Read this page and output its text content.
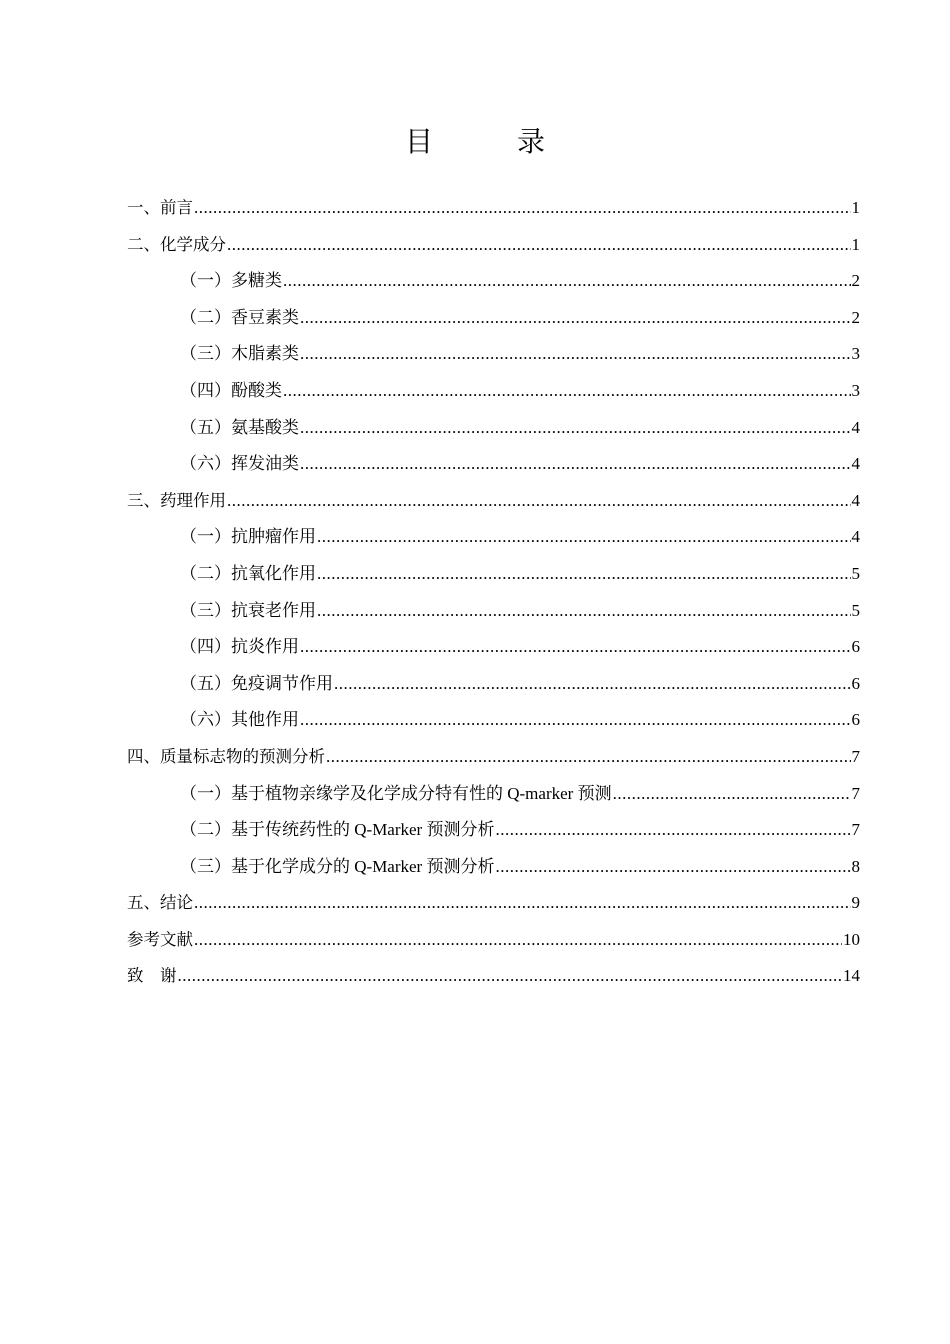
目　录
一、前言 .....	1
二、化学成分 .....	1
（一）多糖类 .....	2
（二）香豆素类 .....	2
（三）木脂素类 .....	3
（四）酚酸类 .....	3
（五）氨基酸类 .....	4
（六）挥发油类 .....	4
三、药理作用 .....	4
（一）抗肿瘤作用 .....	4
（二）抗氧化作用 .....	5
（三）抗衰老作用 .....	5
（四）抗炎作用 .....	6
（五）免疫调节作用 .....	6
（六）其他作用 .....	6
四、质量标志物的预测分析 .....	7
（一）基于植物亲缘学及化学成分特有性的 Q-marker 预测 .....	7
（二）基于传统药性的 Q-Marker 预测分析 .....	7
（三）基于化学成分的 Q-Marker 预测分析 .....	8
五、结论 .....	9
参考文献 .....	10
致　谢 .....	14
